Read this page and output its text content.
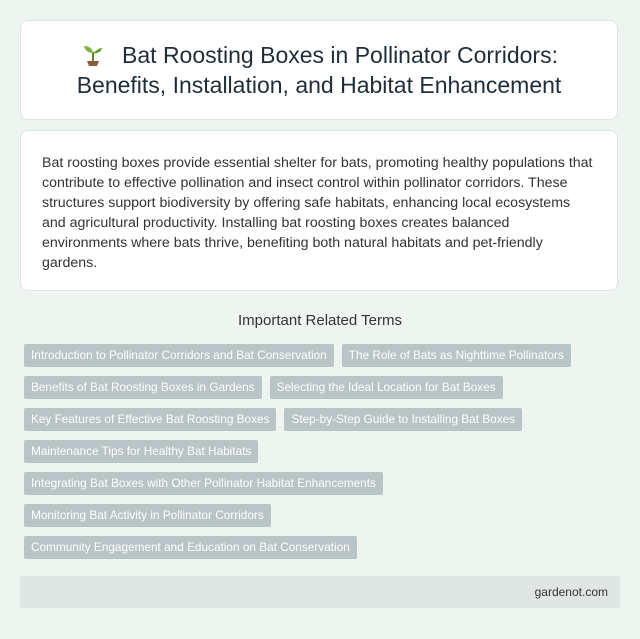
Bat Roosting Boxes in Pollinator Corridors: Benefits, Installation, and Habitat Enhancement

Bat roosting boxes provide essential shelter for bats, promoting healthy populations that contribute to effective pollination and insect control within pollinator corridors. These structures support biodiversity by offering safe habitats, enhancing local ecosystems and agricultural productivity. Installing bat roosting boxes creates balanced environments where bats thrive, benefiting both natural habitats and pet-friendly gardens.

Important Related Terms
Introduction to Pollinator Corridors and Bat Conservation	The Role of Bats as Nighttime Pollinators
Benefits of Bat Roosting Boxes in Gardens	Selecting the Ideal Location for Bat Boxes
Key Features of Effective Bat Roosting Boxes	Step-by-Step Guide to Installing Bat Boxes
Maintenance Tips for Healthy Bat Habitats
Integrating Bat Boxes with Other Pollinator Habitat Enhancements
Monitoring Bat Activity in Pollinator Corridors
Community Engagement and Education on Bat Conservation
gardenot.com
